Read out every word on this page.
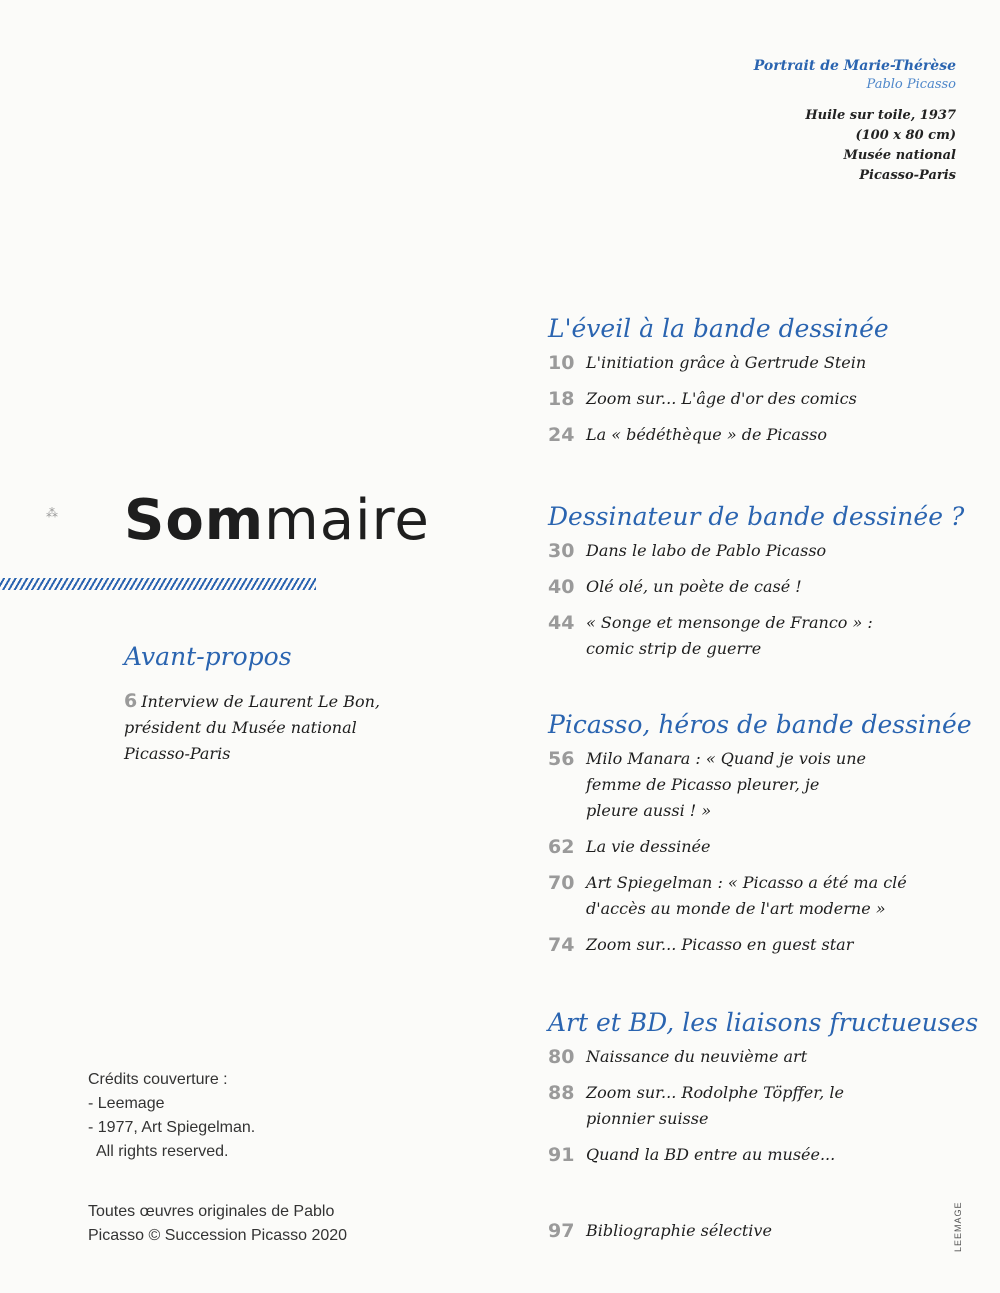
Portrait de Marie-Thérèse
Pablo Picasso
Huile sur toile, 1937
(100 x 80 cm)
Musée national
Picasso-Paris
⁂ Sommaire
Avant-propos
6 Interview de Laurent Le Bon, président du Musée national Picasso-Paris
L'éveil à la bande dessinée
10 L'initiation grâce à Gertrude Stein
18 Zoom sur... L'âge d'or des comics
24 La « bédéthèque » de Picasso
Dessinateur de bande dessinée ?
30 Dans le labo de Pablo Picasso
40 Olé olé, un poète de casé !
44 « Songe et mensonge de Franco » : comic strip de guerre
Picasso, héros de bande dessinée
56 Milo Manara : « Quand je vois une femme de Picasso pleurer, je pleure aussi ! »
62 La vie dessinée
70 Art Spiegelman : « Picasso a été ma clé d'accès au monde de l'art moderne »
74 Zoom sur... Picasso en guest star
Art et BD, les liaisons fructueuses
80 Naissance du neuvième art
88 Zoom sur... Rodolphe Töpffer, le pionnier suisse
91 Quand la BD entre au musée...
97 Bibliographie sélective
Crédits couverture :
- Leemage
- 1977, Art Spiegelman.
All rights reserved.
Toutes œuvres originales de Pablo Picasso © Succession Picasso 2020	LEEMAGE
